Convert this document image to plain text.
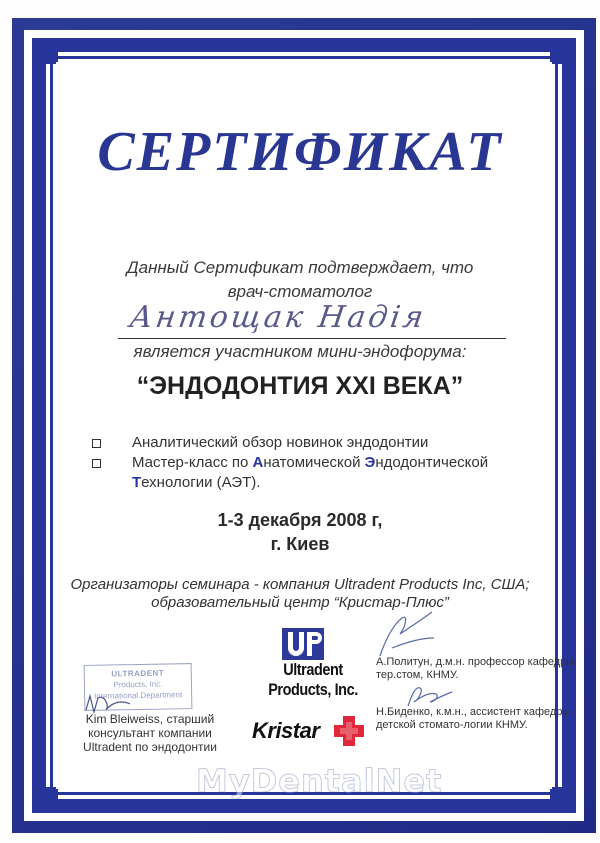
СЕРТИФИКАТ
Данный Сертификат подтверждает, что
врач-стоматолог
Антощак Надія
является участником мини-эндофорума:
“ЭНДОДОНТИЯ XXI ВЕКА”
Аналитический обзор новинок эндодонтии
Мастер-класс по Анатомической Эндодонтической
Технологии (АЭТ).
1-3 декабря 2008 г,
г. Киев
Организаторы семинара - компания Ultradent Products Inc, США;
образовательный центр “Кристар-Плюс”
Ultradent
Products, Inc.
Kristar
ULTRADENT
Products, Inc.
International Department
Kim Bleiweiss, старший консультант компании Ultradent по эндодонтии
А.Политун, д.м.н. профессор кафедры тер.стом, КНМУ.
Н.Биденко, к.м.н., ассистент кафедры детской стомато-логии КНМУ.
MyDentalNet
